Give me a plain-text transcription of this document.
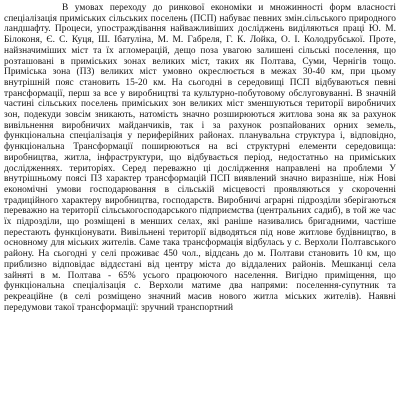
В умовах переходу до ринкової економіки и множинності форм власності спеціалізація приміських сільських поселень (ПСП) набуває певних змін.сільського природного ландшафту. Процеси, упостраждівання найважливіших досліджень виділяються праці Ю. М. Білоконя, Є. С. Куця, Ш. Ібатуліна, М. М. Габреля, Г. К. Лойка, О. І. Колодрубської. Проте, найзначиміших міст та їх агломерацій, дещо поза увагою залишені сільські поселення, що розташовані в приміських зонах великих міст, таких як Полтава, Суми, Чернігів тощо. Приміська зона (ПЗ) великих міст умовно окреслюється в межах 30-40 км, при цьому внутрішній пояс становить 15-20 км. На сьогодні в середовищі ПСП відбуваються певні трансформації, перш за все у виробництві та культурно-побутовому обслуговуванні. В значній частині сільських поселень приміських зон великих міст зменшуються території виробничих зон, подекуди зовсім зникають, натомість значно розширюються житлова зона як за рахунок вивільнення виробничих майданчиків, так і за рахунок розпайованих орних земель, функціональна спеціалізація у периферійних районах. планувальна структура і, відповідно, функціональна Трансформації поширюються на всі структурні елементи середовища: виробництва, житла, інфраструктури, що відбувається період, недостатньо на приміських дослідженнях. територіях. Серед переважно ці дослідження направлені на проблеми У внутрішньому поясі ПЗ характер трансформацій ПСП виявлений значно виразніше, ніж Нові економічні умови господарювання в сільській місцевості проявляються у скороченні традиційного характеру виробництва, господарств. Виробничі аграрні підрозділи зберігаються переважно на території сільськогосподарського підприємства (центральних садиб), в той же час їх підрозділи, що розміщені в менших селах, які раніше називались бригадними, частіше перестають функціонувати. Вивільнені території відводяться під нове житлове будівництво, в основному для міських жителів. Саме така трансформація відбулась у с. Верхоли Полтавського району. На сьогодні у селі проживає 450 чол., віддєань до м. Полтави становить 10 км, що приблизно відповідає віддєстані від центру міста до віддалених районів. Мешканці села зайняті в м. Полтава - 65% усього працюючого населення. Вигідно приміщення, що функціональна спеціалізація с. Верхоли матиме два напрями: поселення-супутник та рекреаційне (в селі розміщено значний масив нового житла міських жителів). Наявні передумови такої трансформації: зручний транспортний
